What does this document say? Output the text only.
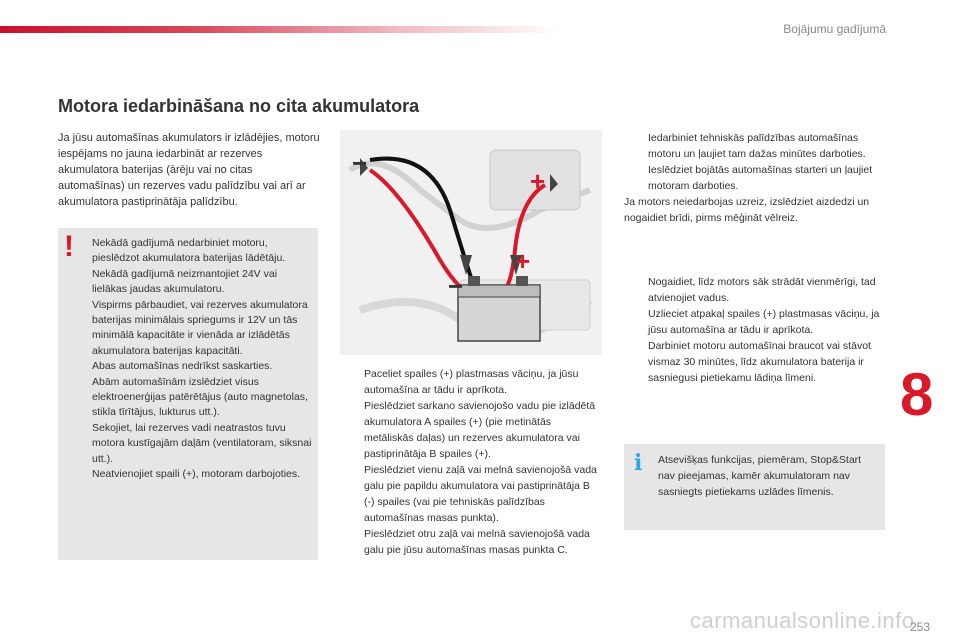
Bojājumu gadījumā
Motora iedarbināšana no cita akumulatora
Ja jūsu automašīnas akumulators ir izlādējies, motoru iespējams no jauna iedarbināt ar rezerves akumulatora baterijas (ārēju vai no citas automašīnas) un rezerves vadu palīdzību vai arī ar akumulatora pastiprinātāja palīdzību.
! Nekādā gadījumā nedarbiniet motoru, pieslēdzot akumulatora baterijas lādētāju.

Nekādā gadījumā neizmantojiet 24V vai lielākas jaudas akumulatoru.

Vispirms pārbaudiet, vai rezerves akumulatora baterijas minimālais spriegums ir 12V un tās minimālā kapacitāte ir vienāda ar izlādētās akumulatora baterijas kapacitāti.

Abas automašīnas nedrīkst saskarties.

Abām automašīnām izslēdziet visus elektroenerģijas patērētājus (auto magnetolas, stikla tīrītājus, lukturus utt.).

Sekojiet, lai rezerves vadi neatrastos tuvu motora kustīgajām daļām (ventilatoram, siksnai utt.).

Neatvienojiet spaili (+), motoram darbojoties.

+
+
−
−

Paceliet spailes (+) plastmasas vāciņu, ja jūsu automašīna ar tādu ir aprīkota.

Pieslēdziet sarkano savienojošo vadu pie izlādētā akumulatora A spailes (+) (pie metinātās metāliskās daļas) un rezerves akumulatora vai pastiprinātāja B spailes (+).

Pieslēdziet vienu zaļā vai melnā savienojošā vada galu pie papildu akumulatora vai pastiprinātāja B (-) spailes (vai pie tehniskās palīdzības automašīnas masas punkta).

Pieslēdziet otru zaļā vai melnā savienojošā vada galu pie jūsu automašīnas masas punkta C.

Iedarbiniet tehniskās palīdzības automašīnas motoru un ļaujiet tam dažas minūtes darboties.

Ieslēdziet bojātās automašīnas starteri un ļaujiet motoram darboties.

Ja motors neiedarbojas uzreiz, izslēdziet aizdedzi un nogaidiet brīdi, pirms mēģināt vēlreiz.

Nogaidiet, līdz motors sāk strādāt vienmērīgi, tad atvienojiet vadus.

Uzlieciet atpakaļ spailes (+) plastmasas vāciņu, ja jūsu automašīna ar tādu ir aprīkota.

Darbiniet motoru automašīnai braucot vai stāvot vismaz 30 minūtes, līdz akumulatora baterija ir sasniegusi pietiekamu lādiņa līmeni.

i Atsevišķas funkcijas, piemēram, Stop&Start nav pieejamas, kamēr akumulatoram nav sasniegts pietiekams uzlādes līmenis.
8
carmanualsonline.info
253
